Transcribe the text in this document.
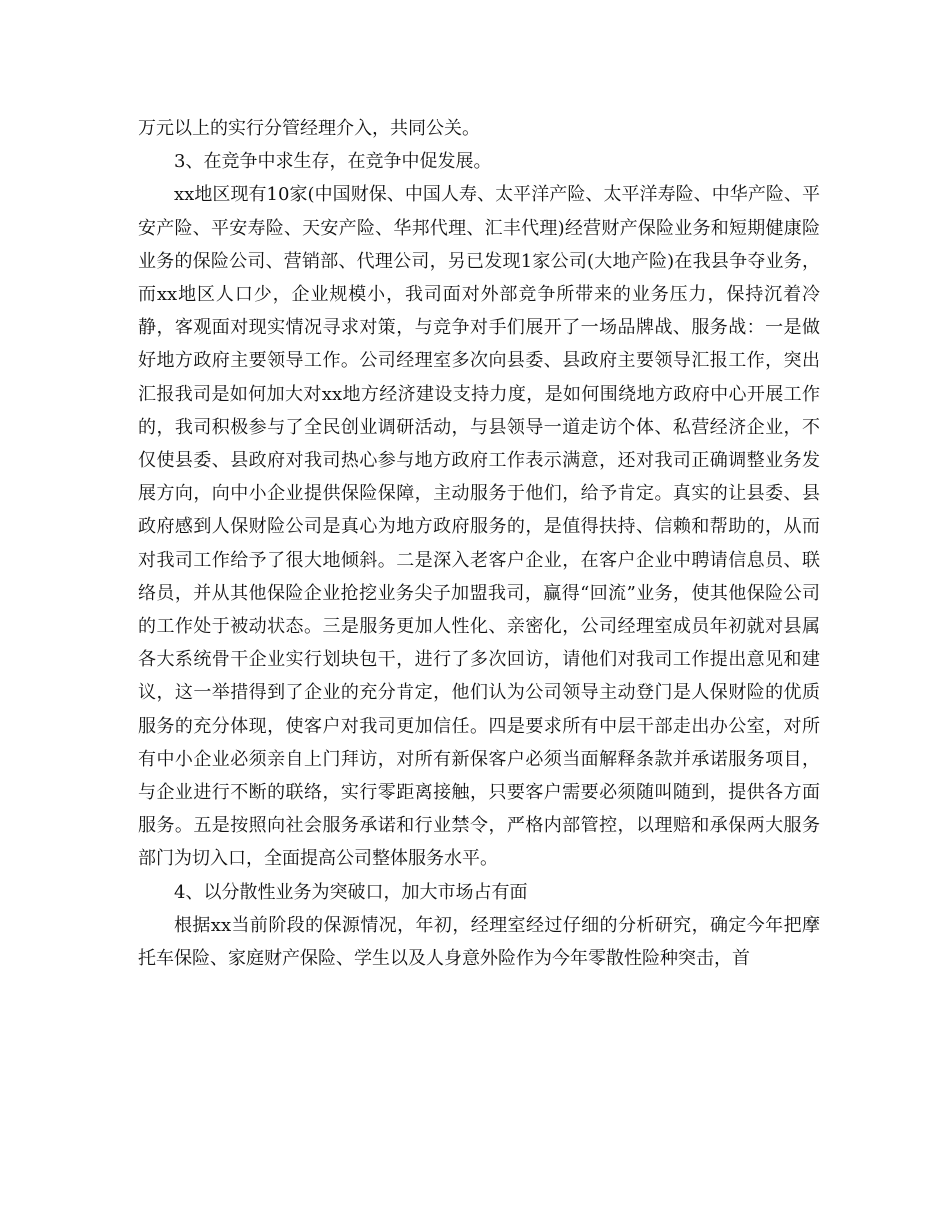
万元以上的实行分管经理介入，共同公关。

3、在竞争中求生存，在竞争中促发展。

xx地区现有10家(中国财保、中国人寿、太平洋产险、太平洋寿险、中华产险、平安产险、平安寿险、天安产险、华邦代理、汇丰代理)经营财产保险业务和短期健康险业务的保险公司、营销部、代理公司，另已发现1家公司(大地产险)在我县争夺业务，而xx地区人口少，企业规模小，我司面对外部竞争所带来的业务压力，保持沉着冷静，客观面对现实情况寻求对策，与竞争对手们展开了一场品牌战、服务战：一是做好地方政府主要领导工作。公司经理室多次向县委、县政府主要领导汇报工作，突出汇报我司是如何加大对xx地方经济建设支持力度，是如何围绕地方政府中心开展工作的，我司积极参与了全民创业调研活动，与县领导一道走访个体、私营经济企业，不仅使县委、县政府对我司热心参与地方政府工作表示满意，还对我司正确调整业务发展方向，向中小企业提供保险保障，主动服务于他们，给予肯定。真实的让县委、县政府感到人保财险公司是真心为地方政府服务的，是值得扶持、信赖和帮助的，从而对我司工作给予了很大地倾斜。二是深入老客户企业，在客户企业中聘请信息员、联络员，并从其他保险企业抢挖业务尖子加盟我司，赢得“回流”业务，使其他保险公司的工作处于被动状态。三是服务更加人性化、亲密化，公司经理室成员年初就对县属各大系统骨干企业实行划块包干，进行了多次回访，请他们对我司工作提出意见和建议，这一举措得到了企业的充分肯定，他们认为公司领导主动登门是人保财险的优质服务的充分体现，使客户对我司更加信任。四是要求所有中层干部走出办公室，对所有中小企业必须亲自上门拜访，对所有新保客户必须当面解释条款并承诺服务项目，与企业进行不断的联络，实行零距离接触，只要客户需要必须随叫随到，提供各方面服务。五是按照向社会服务承诺和行业禁令，严格内部管控，以理赔和承保两大服务部门为切入口，全面提高公司整体服务水平。

4、以分散性业务为突破口，加大市场占有面

根据xx当前阶段的保源情况，年初，经理室经过仔细的分析研究，确定今年把摩托车保险、家庭财产保险、学生以及人身意外险作为今年零散性险种突击，首
